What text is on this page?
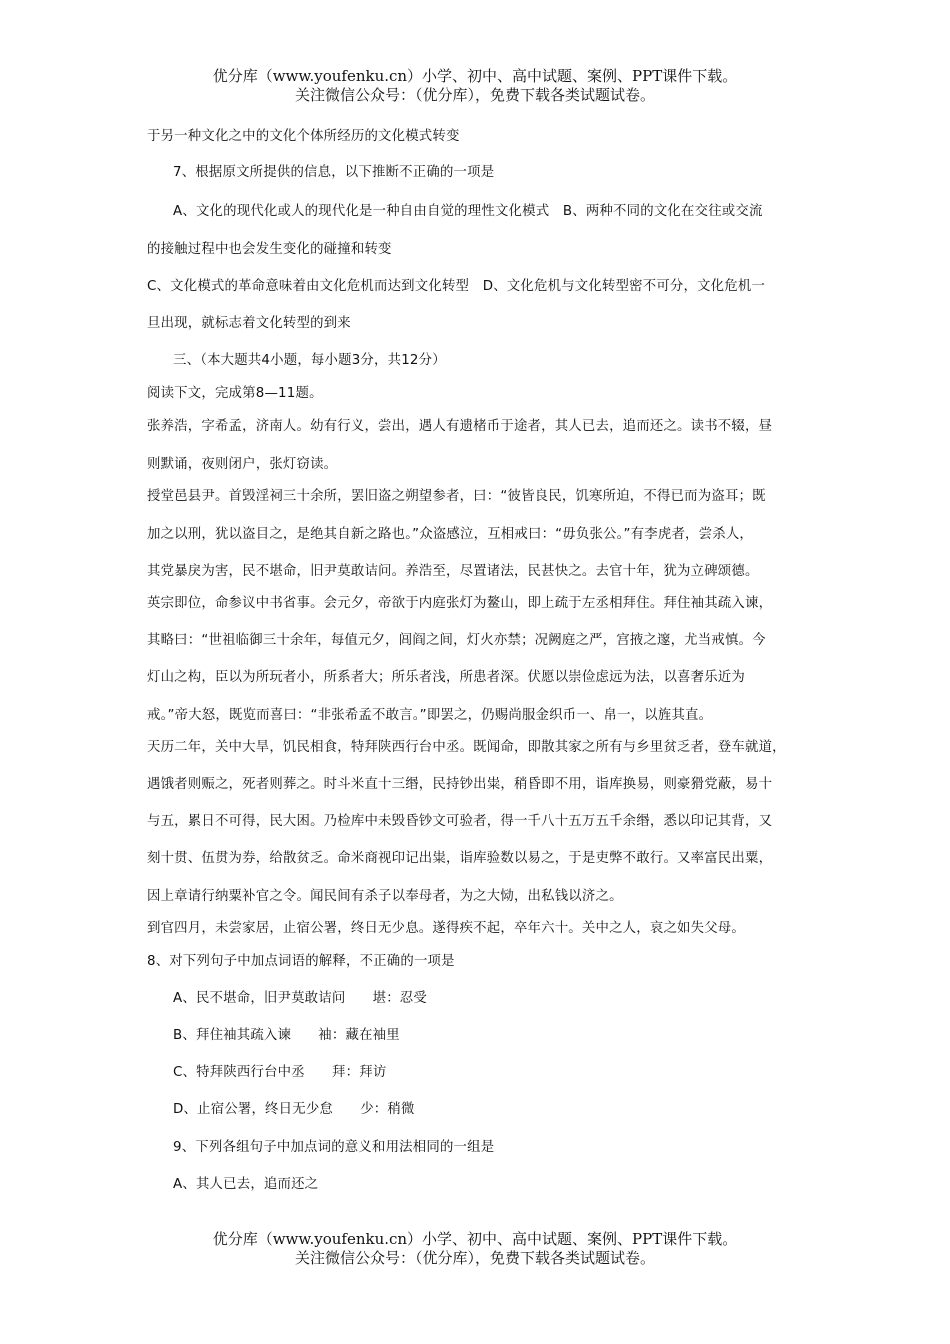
优分库（www.youfenku.cn）小学、初中、高中试题、案例、PPT课件下载。
关注微信公众号：（优分库），免费下载各类试题试卷。
于另一种文化之中的文化个体所经历的文化模式转变
7、根据原文所提供的信息，以下推断不正确的一项是
A、文化的现代化或人的现代化是一种自由自觉的理性文化模式　B、两种不同的文化在交往或交流
的接触过程中也会发生变化的碰撞和转变
C、文化模式的革命意味着由文化危机而达到文化转型　D、文化危机与文化转型密不可分，文化危机一
旦出现，就标志着文化转型的到来
三、（本大题共4小题，每小题3分，共12分）
阅读下文，完成第8—11题。
张养浩，字希孟，济南人。幼有行义，尝出，遇人有遗楮币于途者，其人已去，追而还之。读书不辍，昼
则默诵，夜则闭户，张灯窃读。
授堂邑县尹。首毁淫祠三十余所，罢旧盗之朔望参者，曰：“彼皆良民，饥寒所迫，不得已而为盗耳；既
加之以刑，犹以盗目之，是绝其自新之路也。”众盗感泣，互相戒曰：“毋负张公。”有李虎者，尝杀人，
其党暴戾为害，民不堪命，旧尹莫敢诘问。养浩至，尽置诸法，民甚快之。去官十年，犹为立碑颂德。
英宗即位，命参议中书省事。会元夕，帝欲于内庭张灯为鳌山，即上疏于左丞相拜住。拜住袖其疏入谏，
其略曰：“世祖临御三十余年，每值元夕，闾阎之间，灯火亦禁；况阙庭之严，宫掖之邃，尤当戒慎。今
灯山之构，臣以为所玩者小，所系者大；所乐者浅，所患者深。伏愿以崇俭虑远为法，以喜奢乐近为
戒。”帝大怒，既览而喜曰：“非张希孟不敢言。”即罢之，仍赐尚服金织币一、帛一，以旌其直。
天历二年，关中大旱，饥民相食，特拜陕西行台中丞。既闻命，即散其家之所有与乡里贫乏者，登车就道，
遇饿者则赈之，死者则葬之。时斗米直十三缗，民持钞出粜，稍昏即不用，诣库换易，则豪猾党蔽，易十
与五，累日不可得，民大困。乃检库中未毁昏钞文可验者，得一千八十五万五千余缗，悉以印记其背，又
刻十贯、伍贯为券，给散贫乏。命米商视印记出粜，诣库验数以易之，于是吏弊不敢行。又率富民出粟，
因上章请行纳粟补官之令。闻民间有杀子以奉母者，为之大恸，出私钱以济之。
到官四月，未尝家居，止宿公署，终日无少息。遂得疾不起，卒年六十。关中之人，哀之如失父母。
8、对下列句子中加点词语的解释，不正确的一项是
A、民不堪命，旧尹莫敢诘问　　堪：忍受
B、拜住袖其疏入谏　　袖：藏在袖里
C、特拜陕西行台中丞　　拜：拜访
D、止宿公署，终日无少怠　　少：稍微
9、下列各组句子中加点词的意义和用法相同的一组是
A、其人已去，追而还之
优分库（www.youfenku.cn）小学、初中、高中试题、案例、PPT课件下载。
关注微信公众号：（优分库），免费下载各类试题试卷。
